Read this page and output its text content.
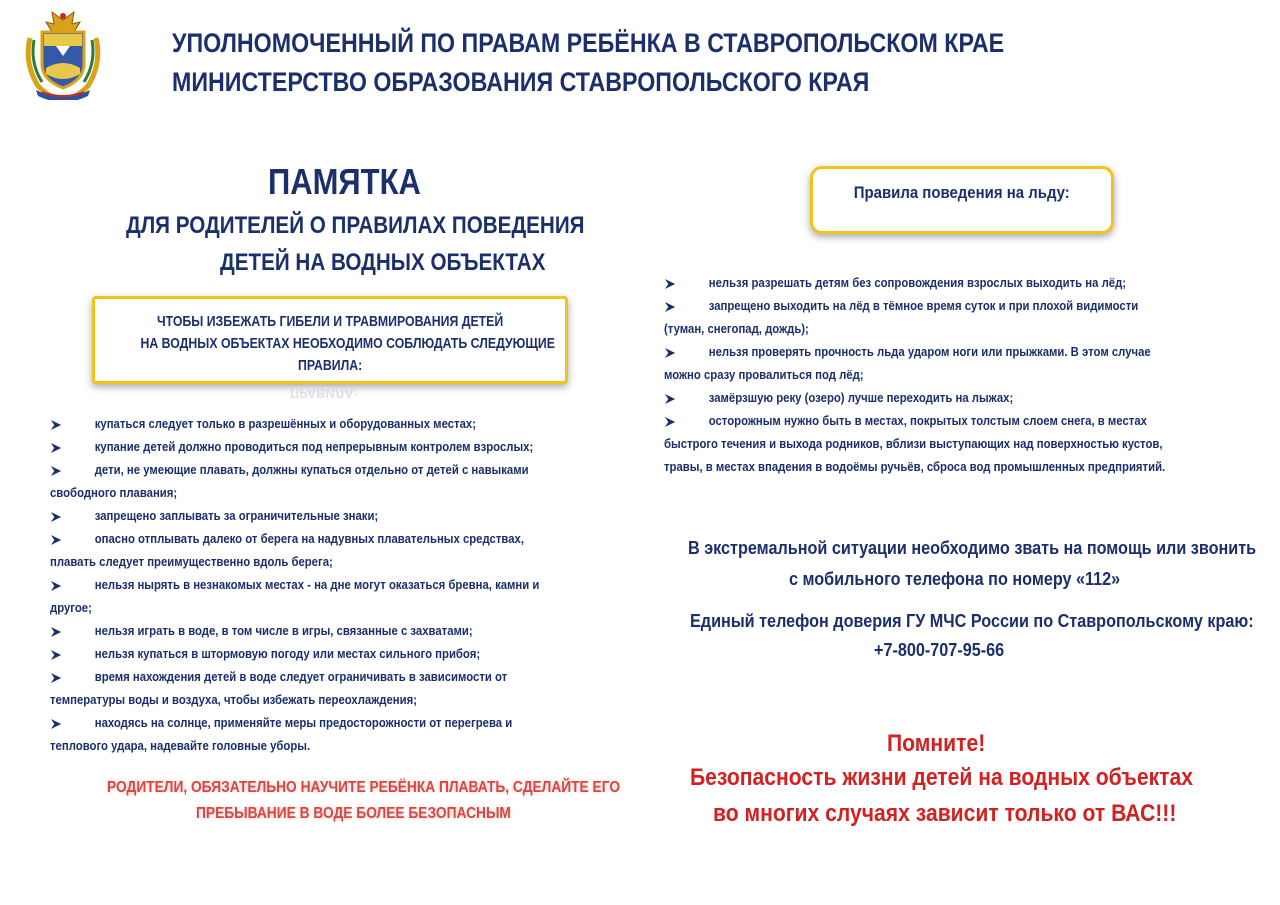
УПОЛНОМОЧЕННЫЙ ПО ПРАВАМ РЕБЁНКА В СТАВРОПОЛЬСКОМ КРАЕ
МИНИСТЕРСТВО ОБРАЗОВАНИЯ СТАВРОПОЛЬСКОГО КРАЯ
ПАМЯТКА
ДЛЯ РОДИТЕЛЕЙ О ПРАВИЛАХ ПОВЕДЕНИЯ
ДЕТЕЙ НА ВОДНЫХ ОБЪЕКТАХ
ЧТОБЫ ИЗБЕЖАТЬ ГИБЕЛИ И ТРАВМИРОВАНИЯ ДЕТЕЙ
НА ВОДНЫХ ОБЪЕКТАХ НЕОБХОДИМО СОБЛЮДАТЬ СЛЕДУЮЩИЕ
ПРАВИЛА:
ПРАВИЛА:
купаться следует только в разрешённых и оборудованных местах;
купание детей должно проводиться под непрерывным контролем взрослых;
дети, не умеющие плавать, должны купаться отдельно от детей с навыками
свободного плавания;
запрещено заплывать за ограничительные знаки;
опасно отплывать далеко от берега на надувных плавательных средствах,
плавать следует преимущественно вдоль берега;
нельзя нырять в незнакомых местах - на дне могут оказаться бревна, камни и
другое;
нельзя играть в воде, в том числе в игры, связанные с захватами;
нельзя купаться в штормовую погоду или местах сильного прибоя;
время нахождения детей в воде следует ограничивать в зависимости от
температуры воды и воздуха, чтобы избежать переохлаждения;
находясь на солнце, применяйте меры предосторожности от перегрева и
теплового удара, надевайте головные уборы.
РОДИТЕЛИ, ОБЯЗАТЕЛЬНО НАУЧИТЕ РЕБЁНКА ПЛАВАТЬ, СДЕЛАЙТЕ ЕГО
ПРЕБЫВАНИЕ В ВОДЕ БОЛЕЕ БЕЗОПАСНЫМ
Правила поведения на льду:
нельзя разрешать детям без сопровождения взрослых выходить на лёд;
запрещено выходить на лёд в тёмное время суток и при плохой видимости
(туман, снегопад, дождь);
нельзя проверять прочность льда ударом ноги или прыжками. В этом случае
можно сразу провалиться под лёд;
замёрзшую реку (озеро) лучше переходить на лыжах;
осторожным нужно быть в местах, покрытых толстым слоем снега, в местах
быстрого течения и выхода родников, вблизи выступающих над поверхностью кустов,
травы, в местах впадения в водоёмы ручьёв, сброса вод промышленных предприятий.
В экстремальной ситуации необходимо звать на помощь или звонить
с мобильного телефона по номеру «112»
Единый телефон доверия ГУ МЧС России по Ставропольскому краю:
+7-800-707-95-66
Помните!
Безопасность жизни детей на водных объектах
во многих случаях зависит только от ВАС!!!
